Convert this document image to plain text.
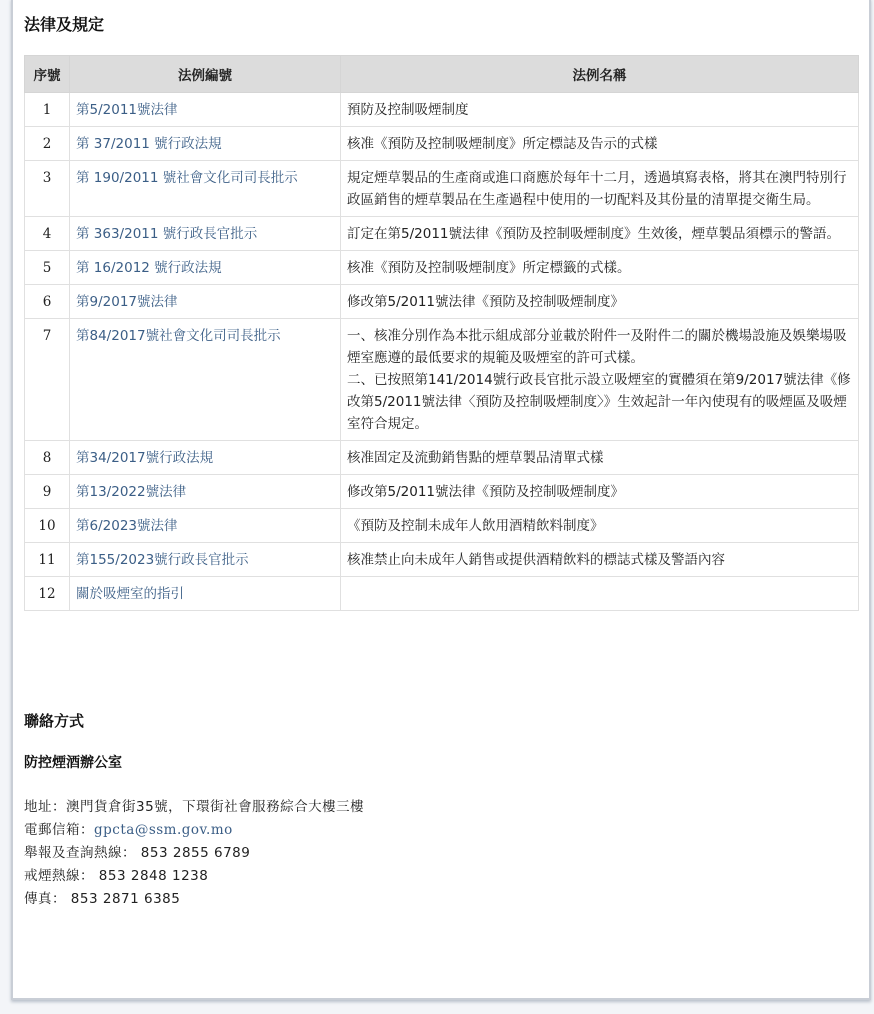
法律及規定
序號	法例編號	法例名稱
1	第5/2011號法律	預防及控制吸煙制度

2	第 37/2011 號行政法規	核准《預防及控制吸煙制度》所定標誌及告示的式樣

3	第 190/2011 號社會文化司司長批示	規定煙草製品的生產商或進口商應於每年十二月，透過填寫表格，將其在澳門特別行政區銷售的煙草製品在生產過程中使用的一切配料及其份量的清單提交衛生局。

4	第 363/2011 號行政長官批示	訂定在第5/2011號法律《預防及控制吸煙制度》生效後，煙草製品須標示的警語。

5	第 16/2012 號行政法規	核准《預防及控制吸煙制度》所定標籤的式樣。

6	第9/2017號法律	修改第5/2011號法律《預防及控制吸煙制度》

7	第84/2017號社會文化司司長批示	一、核准分別作為本批示組成部分並載於附件一及附件二的關於機場設施及娛樂場吸煙室應遵的最低要求的規範及吸煙室的許可式樣。
二、已按照第141/2014號行政長官批示設立吸煙室的實體須在第9/2017號法律《修改第5/2011號法律〈預防及控制吸煙制度〉》生效起計一年內使現有的吸煙區及吸煙室符合規定。

8	第34/2017號行政法規	核准固定及流動銷售點的煙草製品清單式樣

9	第13/2022號法律	修改第5/2011號法律《預防及控制吸煙制度》

10	第6/2023號法律	《預防及控制未成年人飲用酒精飲料制度》

11	第155/2023號行政長官批示	核准禁止向未成年人銷售或提供酒精飲料的標誌式樣及警語內容

12	關於吸煙室的指引	
聯絡方式
防控煙酒辦公室
地址：澳門貨倉街35號，下環街社會服務綜合大樓三樓
電郵信箱：gpcta@ssm.gov.mo
舉報及查詢熱線： 853 2855 6789
戒煙熱線： 853 2848 1238
傳真： 853 2871 6385
